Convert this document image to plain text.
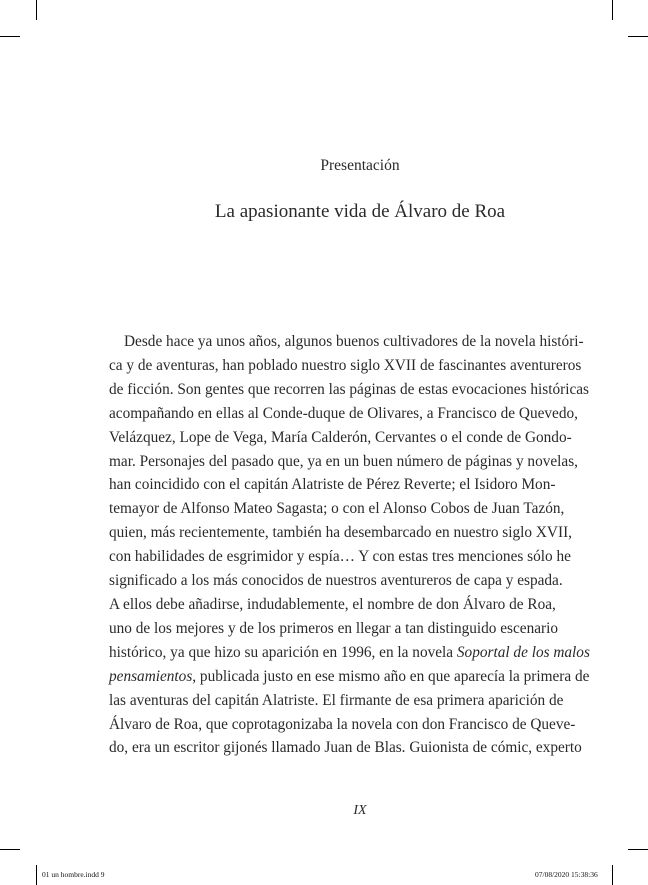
Presentación
La apasionante vida de Álvaro de Roa
Desde hace ya unos años, algunos buenos cultivadores de la novela históri-
ca y de aventuras, han poblado nuestro siglo XVII de fascinantes aventureros
de ficción. Son gentes que recorren las páginas de estas evocaciones históricas
acompañando en ellas al Conde-duque de Olivares, a Francisco de Quevedo,
Velázquez, Lope de Vega, María Calderón, Cervantes o el conde de Gondo-
mar. Personajes del pasado que, ya en un buen número de páginas y novelas,
han coincidido con el capitán Alatriste de Pérez Reverte; el Isidoro Mon-
temayor de Alfonso Mateo Sagasta; o con el Alonso Cobos de Juan Tazón,
quien, más recientemente, también ha desembarcado en nuestro siglo XVII,
con habilidades de esgrimidor y espía… Y con estas tres menciones sólo he
significado a los más conocidos de nuestros aventureros de capa y espada.
A ellos debe añadirse, indudablemente, el nombre de don Álvaro de Roa,
uno de los mejores y de los primeros en llegar a tan distinguido escenario
histórico, ya que hizo su aparición en 1996, en la novela Soportal de los malos
pensamientos, publicada justo en ese mismo año en que aparecía la primera de
las aventuras del capitán Alatriste. El firmante de esa primera aparición de
Álvaro de Roa, que coprotagonizaba la novela con don Francisco de Queve-
do, era un escritor gijonés llamado Juan de Blas. Guionista de cómic, experto
IX
01 un hombre.indd 9	07/08/2020 15:38:36
